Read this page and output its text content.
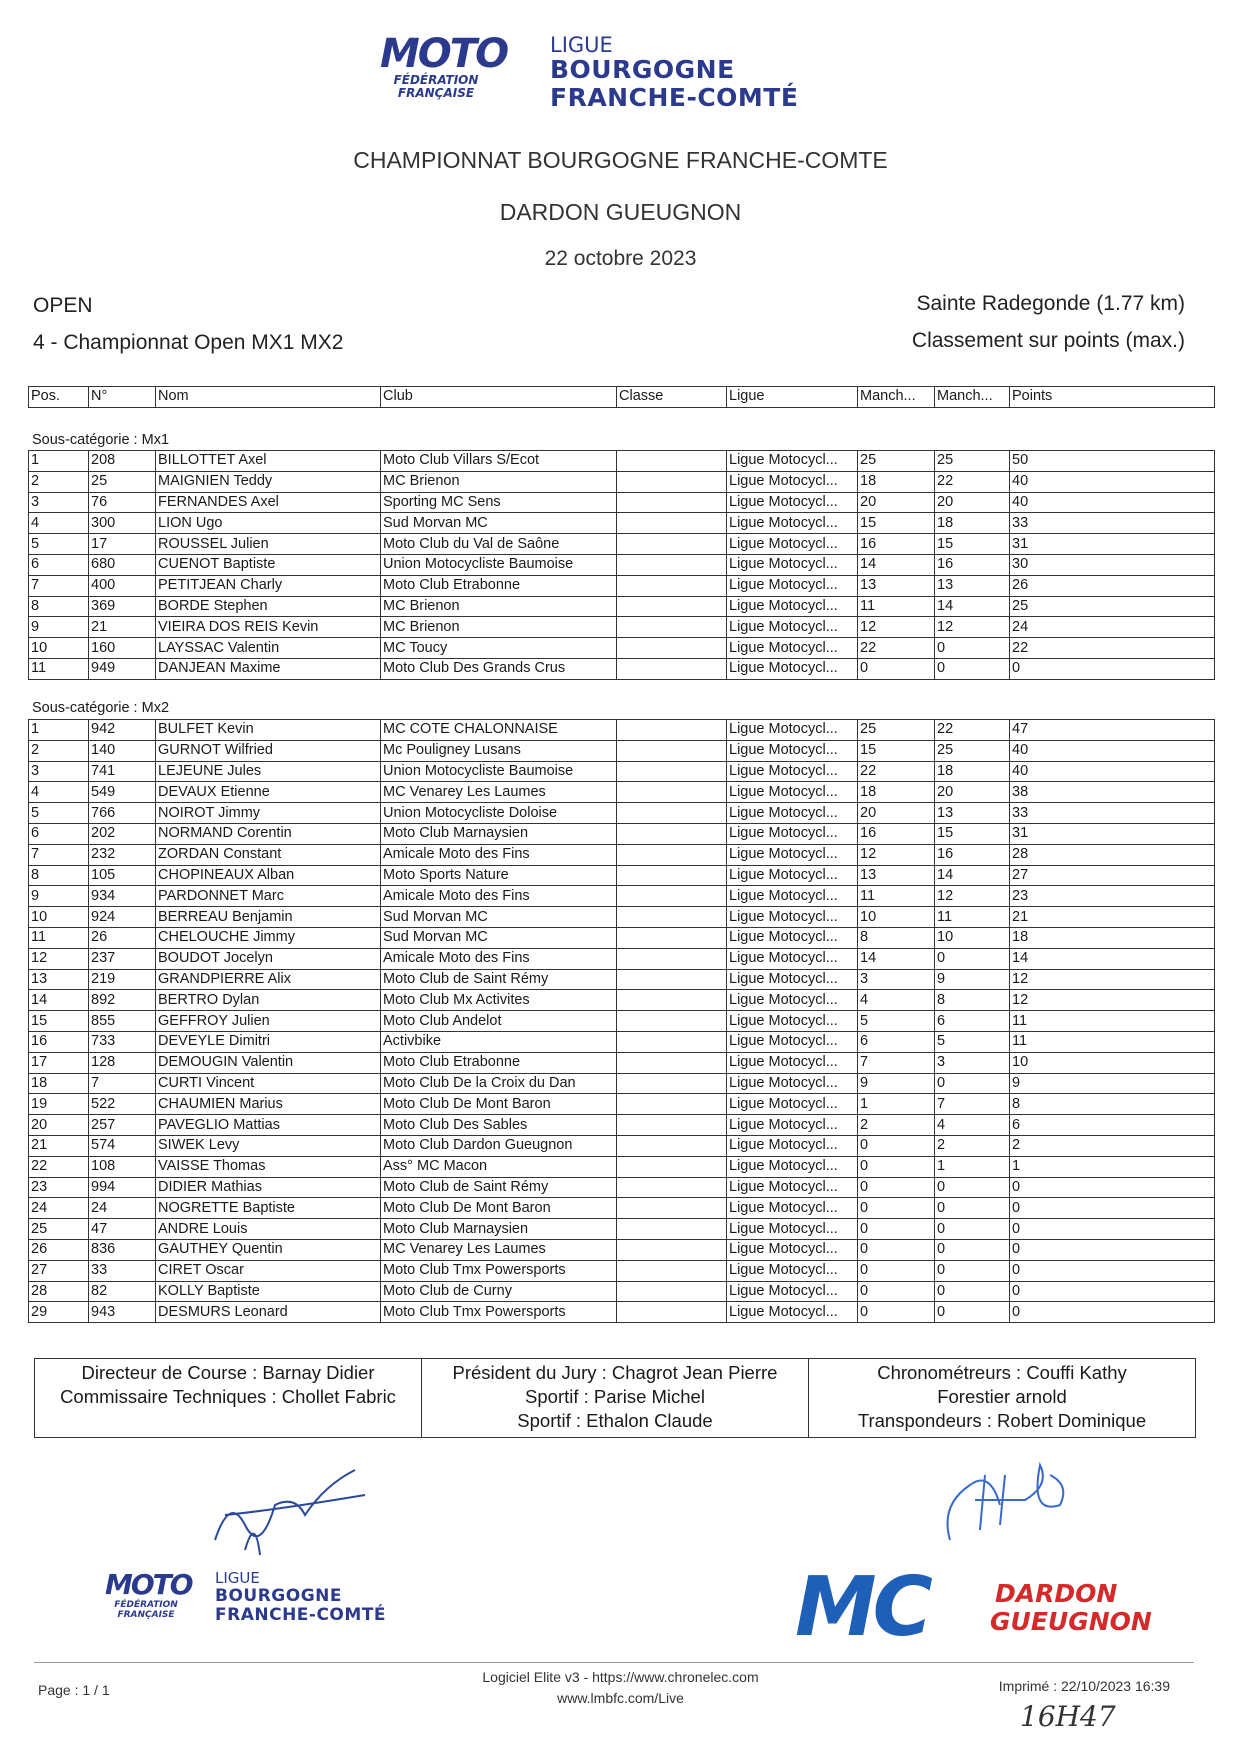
MOTO
FÉDÉRATION
FRANÇAISE
LIGUE
BOURGOGNE
FRANCHE-COMTÉ
CHAMPIONNAT BOURGOGNE FRANCHE-COMTE
DARDON GUEUGNON
22 octobre 2023
OPEN
4 - Championnat Open MX1 MX2
Sainte Radegonde (1.77 km)
Classement sur points (max.)
Pos.	N°	Nom	Club	Classe	Ligue	Manch...	Manch...	Points
Sous-catégorie : Mx1
1	208	BILLOTTET Axel	Moto Club Villars S/Ecot		Ligue Motocycl...	25	25	50
2	25	MAIGNIEN Teddy	MC Brienon		Ligue Motocycl...	18	22	40
3	76	FERNANDES Axel	Sporting MC Sens		Ligue Motocycl...	20	20	40
4	300	LION Ugo	Sud Morvan MC		Ligue Motocycl...	15	18	33
5	17	ROUSSEL Julien	Moto Club du Val de Saône		Ligue Motocycl...	16	15	31
6	680	CUENOT Baptiste	Union Motocycliste Baumoise		Ligue Motocycl...	14	16	30
7	400	PETITJEAN Charly	Moto Club Etrabonne		Ligue Motocycl...	13	13	26
8	369	BORDE Stephen	MC Brienon		Ligue Motocycl...	11	14	25
9	21	VIEIRA DOS REIS Kevin	MC Brienon		Ligue Motocycl...	12	12	24
10	160	LAYSSAC Valentin	MC Toucy		Ligue Motocycl...	22	0	22
11	949	DANJEAN Maxime	Moto Club Des Grands Crus		Ligue Motocycl...	0	0	0
Sous-catégorie : Mx2
1	942	BULFET Kevin	MC COTE CHALONNAISE		Ligue Motocycl...	25	22	47
2	140	GURNOT Wilfried	Mc Pouligney Lusans		Ligue Motocycl...	15	25	40
3	741	LEJEUNE Jules	Union Motocycliste Baumoise		Ligue Motocycl...	22	18	40
4	549	DEVAUX Etienne	MC Venarey Les Laumes		Ligue Motocycl...	18	20	38
5	766	NOIROT Jimmy	Union Motocycliste Doloise		Ligue Motocycl...	20	13	33
6	202	NORMAND Corentin	Moto Club Marnaysien		Ligue Motocycl...	16	15	31
7	232	ZORDAN Constant	Amicale Moto des Fins		Ligue Motocycl...	12	16	28
8	105	CHOPINEAUX Alban	Moto Sports Nature		Ligue Motocycl...	13	14	27
9	934	PARDONNET Marc	Amicale Moto des Fins		Ligue Motocycl...	11	12	23
10	924	BERREAU Benjamin	Sud Morvan MC		Ligue Motocycl...	10	11	21
11	26	CHELOUCHE Jimmy	Sud Morvan MC		Ligue Motocycl...	8	10	18
12	237	BOUDOT Jocelyn	Amicale Moto des Fins		Ligue Motocycl...	14	0	14
13	219	GRANDPIERRE Alix	Moto Club de Saint Rémy		Ligue Motocycl...	3	9	12
14	892	BERTRO Dylan	Moto Club Mx Activites		Ligue Motocycl...	4	8	12
15	855	GEFFROY Julien	Moto Club Andelot		Ligue Motocycl...	5	6	11
16	733	DEVEYLE Dimitri	Activbike		Ligue Motocycl...	6	5	11
17	128	DEMOUGIN Valentin	Moto Club Etrabonne		Ligue Motocycl...	7	3	10
18	7	CURTI Vincent	Moto Club De la Croix du Dan		Ligue Motocycl...	9	0	9
19	522	CHAUMIEN Marius	Moto Club De Mont Baron		Ligue Motocycl...	1	7	8
20	257	PAVEGLIO Mattias	Moto Club Des Sables		Ligue Motocycl...	2	4	6
21	574	SIWEK Levy	Moto Club Dardon Gueugnon		Ligue Motocycl...	0	2	2
22	108	VAISSE Thomas	Ass° MC Macon		Ligue Motocycl...	0	1	1
23	994	DIDIER Mathias	Moto Club de Saint Rémy		Ligue Motocycl...	0	0	0
24	24	NOGRETTE Baptiste	Moto Club De Mont Baron		Ligue Motocycl...	0	0	0
25	47	ANDRE Louis	Moto Club Marnaysien		Ligue Motocycl...	0	0	0
26	836	GAUTHEY Quentin	MC Venarey Les Laumes		Ligue Motocycl...	0	0	0
27	33	CIRET Oscar	Moto Club Tmx Powersports		Ligue Motocycl...	0	0	0
28	82	KOLLY Baptiste	Moto Club de Curny		Ligue Motocycl...	0	0	0
29	943	DESMURS Leonard	Moto Club Tmx Powersports		Ligue Motocycl...	0	0	0
Directeur de Course : Barnay Didier
Commissaire Techniques : Chollet Fabric
Président du Jury : Chagrot Jean Pierre
Sportif : Parise Michel
Sportif : Ethalon Claude
Chronométreurs : Couffi Kathy
Forestier arnold
Transpondeurs : Robert Dominique
MOTO
FÉDÉRATION
FRANÇAISE
LIGUE
BOURGOGNE
FRANCHE-COMTÉ	MC	DARDON
GUEUGNON
Page : 1 / 1
Logiciel Elite v3 - https://www.chronelec.com
www.lmbfc.com/Live
Imprimé : 22/10/2023 16:39
16H47
